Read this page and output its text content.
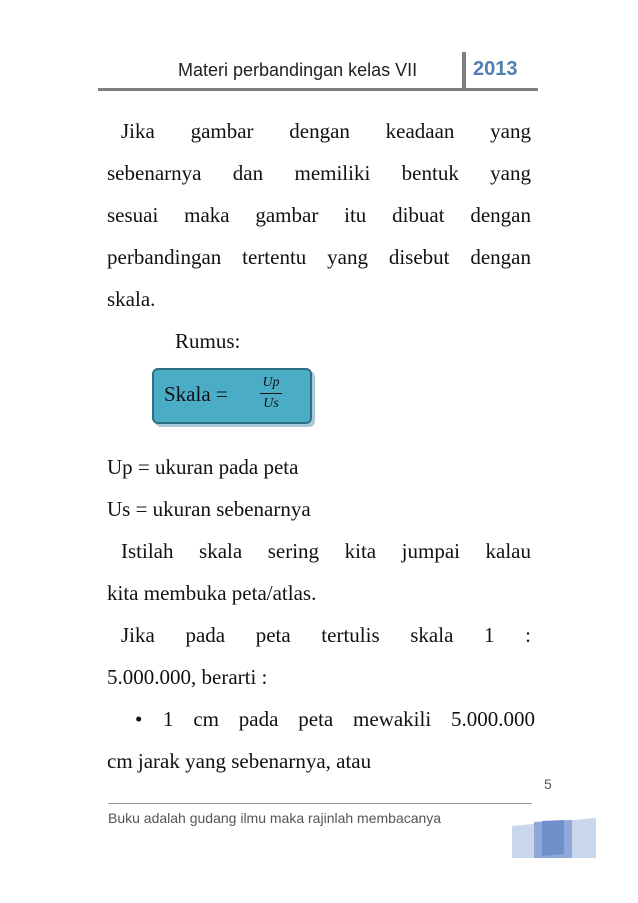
Materi perbandingan kelas VII	2013
Jika gambar dengan keadaan yang
sebenarnya dan memiliki bentuk yang
sesuai maka gambar itu dibuat dengan
perbandingan tertentu yang disebut dengan
skala.
Rumus:
Skala = Up
Us
Up = ukuran pada peta
Us = ukuran sebenarnya
Istilah skala sering kita jumpai kalau
kita membuka peta/atlas.
Jika pada peta tertulis skala 1 :
5.000.000, berarti :
• 1 cm pada peta mewakili 5.000.000
cm jarak yang sebenarnya, atau
5
Buku adalah gudang ilmu maka rajinlah membacanya
